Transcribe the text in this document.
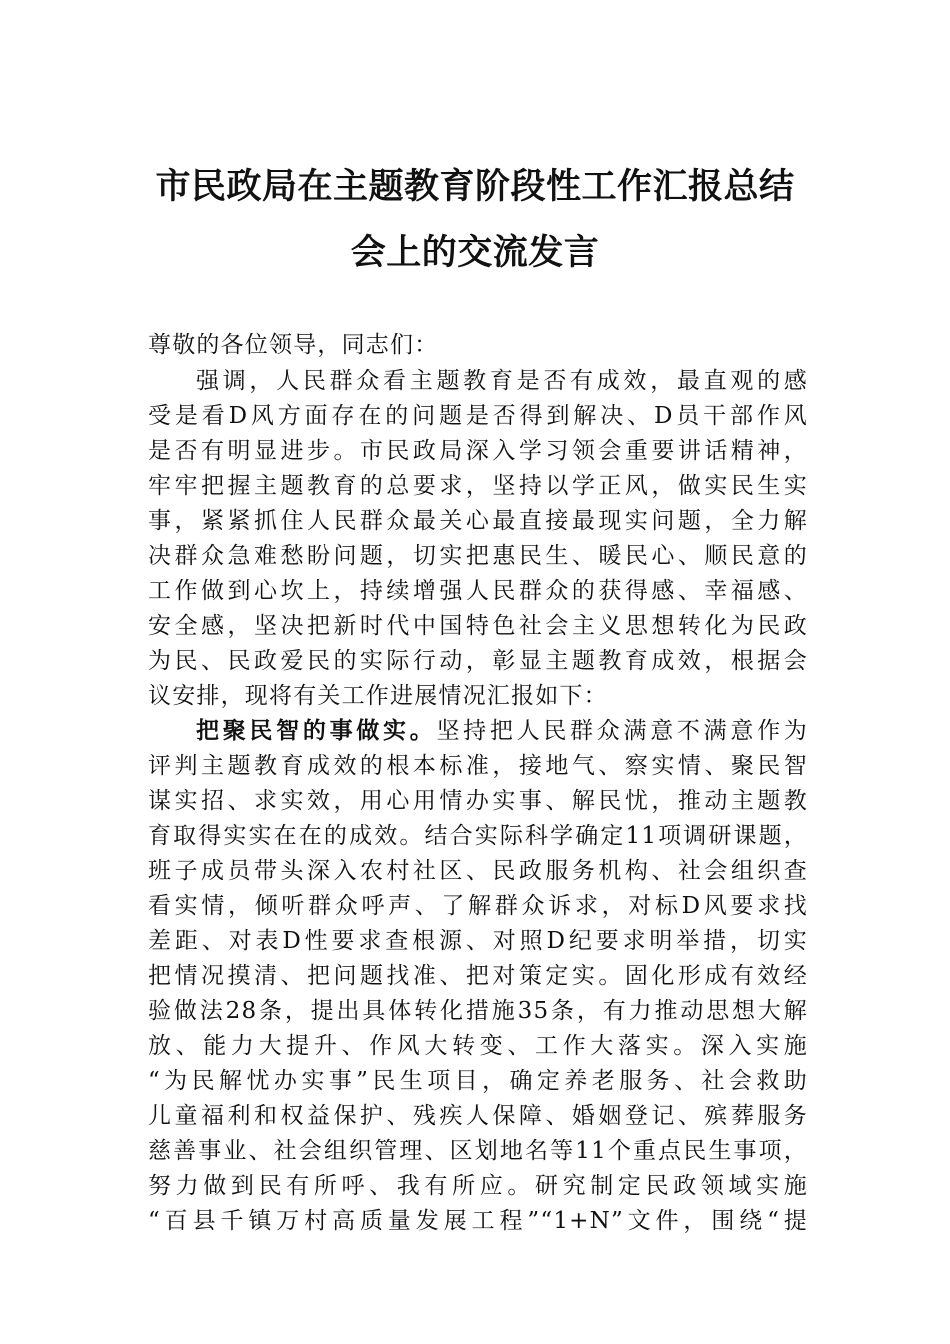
市民政局在主题教育阶段性工作汇报总结
会上的交流发言
尊敬的各位领导，同志们：
强调，人民群众看主题教育是否有成效，最直观的感
受是看D风方面存在的问题是否得到解决、D员干部作风
是否有明显进步。市民政局深入学习领会重要讲话精神，
牢牢把握主题教育的总要求，坚持以学正风，做实民生实
事，紧紧抓住人民群众最关心最直接最现实问题，全力解
决群众急难愁盼问题，切实把惠民生、暖民心、顺民意的
工作做到心坎上，持续增强人民群众的获得感、幸福感、
安全感，坚决把新时代中国特色社会主义思想转化为民政
为民、民政爱民的实际行动，彰显主题教育成效，根据会
议安排，现将有关工作进展情况汇报如下：
把聚民智的事做实。坚持把人民群众满意不满意作为
评判主题教育成效的根本标准，接地气、察实情、聚民智
谋实招、求实效，用心用情办实事、解民忧，推动主题教
育取得实实在在的成效。结合实际科学确定11项调研课题，
班子成员带头深入农村社区、民政服务机构、社会组织查
看实情，倾听群众呼声、了解群众诉求，对标D风要求找
差距、对表D性要求查根源、对照D纪要求明举措，切实
把情况摸清、把问题找准、把对策定实。固化形成有效经
验做法28条，提出具体转化措施35条，有力推动思想大解
放、能力大提升、作风大转变、工作大落实。深入实施
“为民解忧办实事”民生项目，确定养老服务、社会救助
儿童福利和权益保护、残疾人保障、婚姻登记、殡葬服务
慈善事业、社会组织管理、区划地名等11个重点民生事项，
努力做到民有所呼、我有所应。研究制定民政领域实施
“百县千镇万村高质量发展工程”“1+N”文件，围绕“提
